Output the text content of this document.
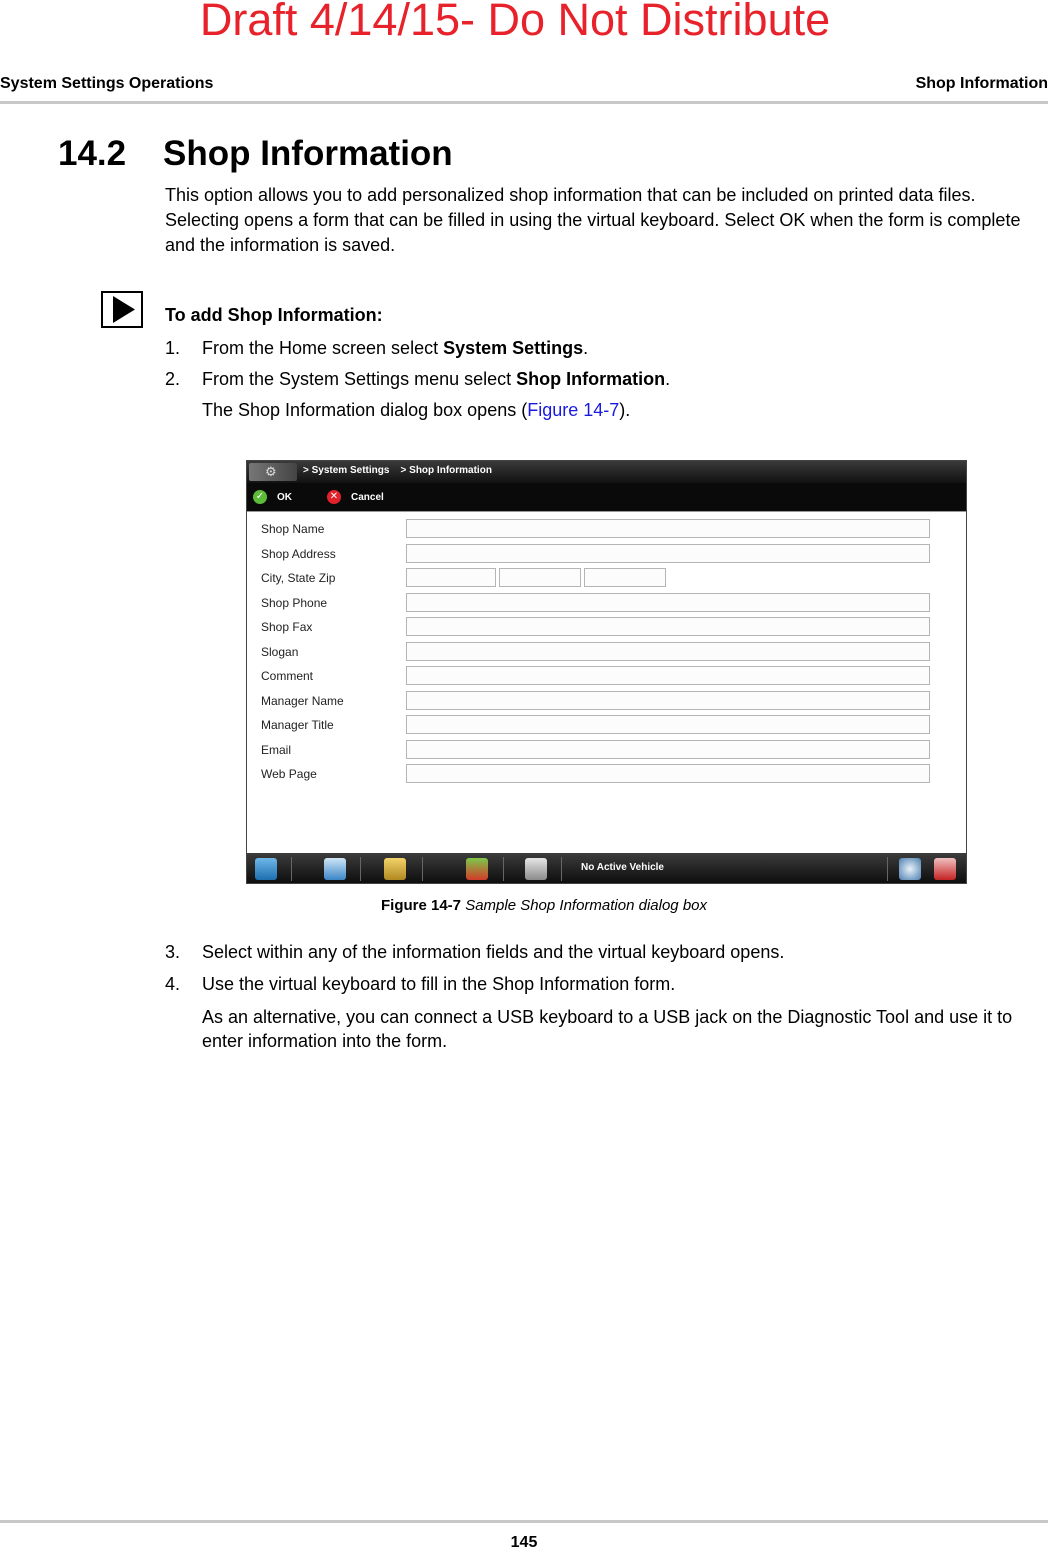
Draft 4/14/15- Do Not Distribute
System Settings Operations	Shop Information
14.2 Shop Information
This option allows you to add personalized shop information that can be included on printed data files. Selecting opens a form that can be filled in using the virtual keyboard. Select OK when the form is complete and the information is saved.
To add Shop Information:
1. From the Home screen select System Settings.
2. From the System Settings menu select Shop Information.
The Shop Information dialog box opens (Figure 14-7).
⚙	> System Settings    > Shop Information
✓ OK	✕ Cancel
Shop Name
Shop Address
City, State Zip
Shop Phone
Shop Fax
Slogan
Comment
Manager Name
Manager Title
Email
Web Page
No Active Vehicle
Figure 14-7 Sample Shop Information dialog box
3. Select within any of the information fields and the virtual keyboard opens.
4. Use the virtual keyboard to fill in the Shop Information form.
As an alternative, you can connect a USB keyboard to a USB jack on the Diagnostic Tool and use it to enter information into the form.
145
